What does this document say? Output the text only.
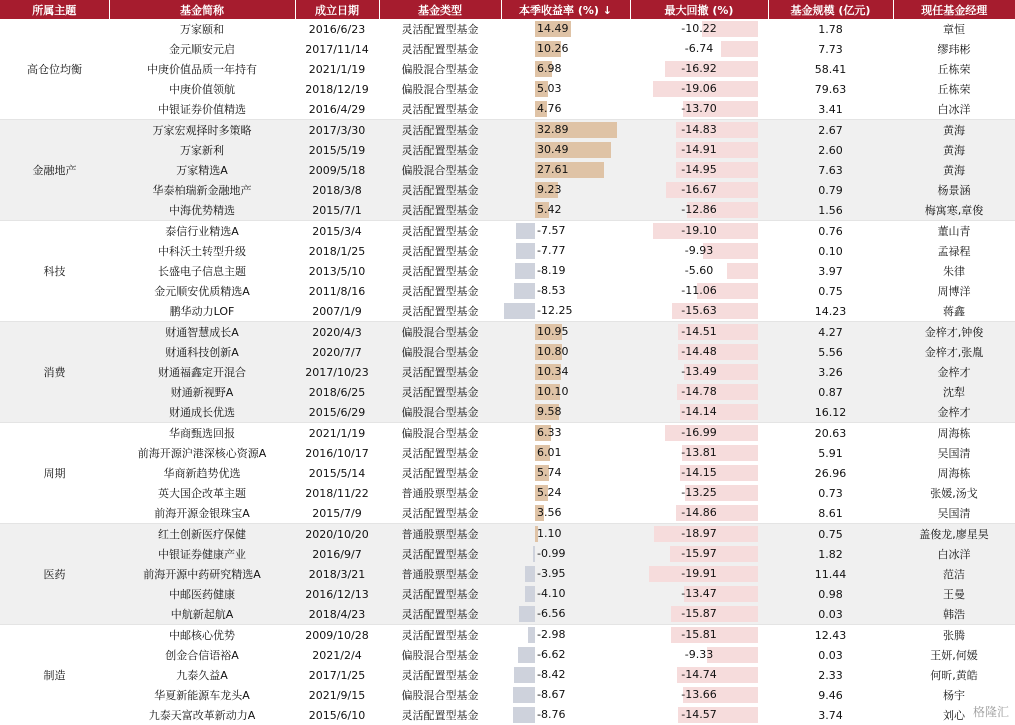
所属主题	基金简称	成立日期	基金类型	本季收益率 (%) ↓	最大回撤 (%)	基金规模 (亿元)	现任基金经理
高仓位均衡	万家颐和	2016/6/23	灵活配置型基金	14.49	-10.22	1.78	章恒
	金元顺安元启	2017/11/14	灵活配置型基金	10.26	-6.74	7.73	缪玮彬
	中庚价值品质一年持有	2021/1/19	偏股混合型基金	6.98	-16.92	58.41	丘栋荣
	中庚价值领航	2018/12/19	偏股混合型基金	5.03	-19.06	79.63	丘栋荣
	中银证券价值精选	2016/4/29	灵活配置型基金	4.76	-13.70	3.41	白冰洋
金融地产	万家宏观择时多策略	2017/3/30	灵活配置型基金	32.89	-14.83	2.67	黄海
	万家新利	2015/5/19	灵活配置型基金	30.49	-14.91	2.60	黄海
	万家精选A	2009/5/18	偏股混合型基金	27.61	-14.95	7.63	黄海
	华泰柏瑞新金融地产	2018/3/8	灵活配置型基金	9.23	-16.67	0.79	杨景涵
	中海优势精选	2015/7/1	灵活配置型基金	5.42	-12.86	1.56	梅寓寒,章俊
科技	泰信行业精选A	2015/3/4	灵活配置型基金	-7.57	-19.10	0.76	董山青
	中科沃土转型升级	2018/1/25	灵活配置型基金	-7.77	-9.93	0.10	孟禄程
	长盛电子信息主题	2013/5/10	灵活配置型基金	-8.19	-5.60	3.97	朱律
	金元顺安优质精选A	2011/8/16	灵活配置型基金	-8.53	-11.06	0.75	周博洋
	鹏华动力LOF	2007/1/9	灵活配置型基金	-12.25	-15.63	14.23	蒋鑫
消费	财通智慧成长A	2020/4/3	偏股混合型基金	10.95	-14.51	4.27	金梓才,钟俊
	财通科技创新A	2020/7/7	偏股混合型基金	10.80	-14.48	5.56	金梓才,张胤
	财通福鑫定开混合	2017/10/23	灵活配置型基金	10.34	-13.49	3.26	金梓才
	财通新视野A	2018/6/25	灵活配置型基金	10.10	-14.78	0.87	沈犁
	财通成长优选	2015/6/29	偏股混合型基金	9.58	-14.14	16.12	金梓才
周期	华商甄选回报	2021/1/19	偏股混合型基金	6.33	-16.99	20.63	周海栋
	前海开源沪港深核心资源A	2016/10/17	灵活配置型基金	6.01	-13.81	5.91	吴国清
	华商新趋势优选	2015/5/14	灵活配置型基金	5.74	-14.15	26.96	周海栋
	英大国企改革主题	2018/11/22	普通股票型基金	5.24	-13.25	0.73	张媛,汤戈
	前海开源金银珠宝A	2015/7/9	灵活配置型基金	3.56	-14.86	8.61	吴国清
医药	红土创新医疗保健	2020/10/20	普通股票型基金	1.10	-18.97	0.75	盖俊龙,廖星昊
	中银证券健康产业	2016/9/7	灵活配置型基金	-0.99	-15.97	1.82	白冰洋
	前海开源中药研究精选A	2018/3/21	普通股票型基金	-3.95	-19.91	11.44	范洁
	中邮医药健康	2016/12/13	灵活配置型基金	-4.10	-13.47	0.98	王曼
	中航新起航A	2018/4/23	灵活配置型基金	-6.56	-15.87	0.03	韩浩
制造	中邮核心优势	2009/10/28	灵活配置型基金	-2.98	-15.81	12.43	张腾
	创金合信语裕A	2021/2/4	偏股混合型基金	-6.62	-9.33	0.03	王妍,何媛
	九泰久益A	2017/1/25	灵活配置型基金	-8.42	-14.74	2.33	何昕,黄皓
	华夏新能源车龙头A	2021/9/15	偏股混合型基金	-8.67	-13.66	9.46	杨宇
	九泰天富改革新动力A	2015/6/10	灵活配置型基金	-8.76	-14.57	3.74	刘心 格隆汇
